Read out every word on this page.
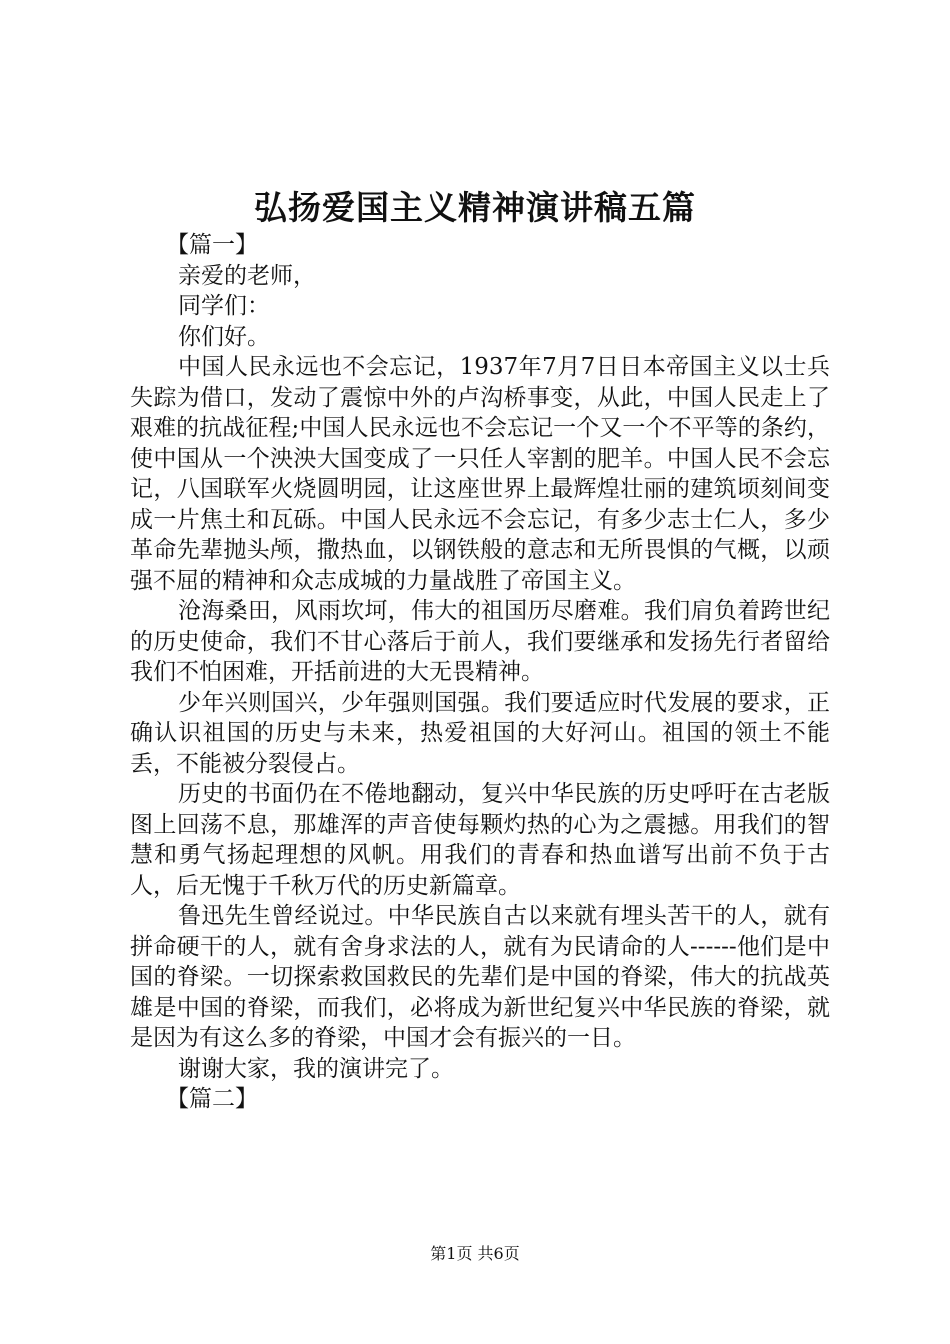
弘扬爱国主义精神演讲稿五篇

【篇一】

亲爱的老师，

同学们：

你们好。

中国人民永远也不会忘记，1937年7月7日日本帝国主义以士兵失踪为借口，发动了震惊中外的卢沟桥事变，从此，中国人民走上了艰难的抗战征程;中国人民永远也不会忘记一个又一个不平等的条约，使中国从一个泱泱大国变成了一只任人宰割的肥羊。中国人民不会忘记，八国联军火烧圆明园，让这座世界上最辉煌壮丽的建筑顷刻间变成一片焦土和瓦砾。中国人民永远不会忘记，有多少志士仁人，多少革命先辈抛头颅，撒热血，以钢铁般的意志和无所畏惧的气概，以顽强不屈的精神和众志成城的力量战胜了帝国主义。

沧海桑田，风雨坎坷，伟大的祖国历尽磨难。我们肩负着跨世纪的历史使命，我们不甘心落后于前人，我们要继承和发扬先行者留给我们不怕困难，开括前进的大无畏精神。

少年兴则国兴，少年强则国强。我们要适应时代发展的要求，正确认识祖国的历史与未来，热爱祖国的大好河山。祖国的领土不能丢，不能被分裂侵占。

历史的书面仍在不倦地翻动，复兴中华民族的历史呼吁在古老版图上回荡不息，那雄浑的声音使每颗灼热的心为之震撼。用我们的智慧和勇气扬起理想的风帆。用我们的青春和热血谱写出前不负于古人，后无愧于千秋万代的历史新篇章。

鲁迅先生曾经说过。中华民族自古以来就有埋头苦干的人，就有拼命硬干的人，就有舍身求法的人，就有为民请命的人------他们是中国的脊梁。一切探索救国救民的先辈们是中国的脊梁，伟大的抗战英雄是中国的脊梁，而我们，必将成为新世纪复兴中华民族的脊梁，就是因为有这么多的脊梁，中国才会有振兴的一日。

谢谢大家，我的演讲完了。

【篇二】

第1页 共6页
